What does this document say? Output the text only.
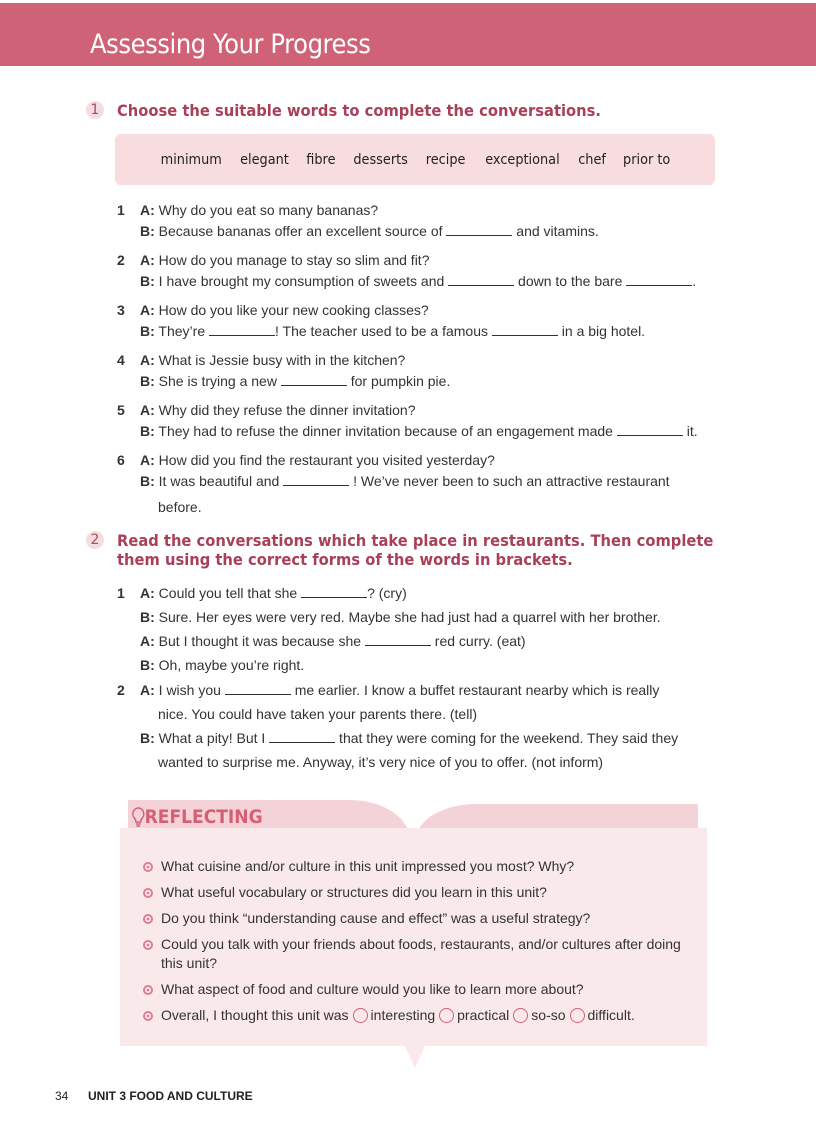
Assessing Your Progress
1 Choose the suitable words to complete the conversations.
minimum elegant fibre desserts recipe exceptional chef prior to
1 A: Why do you eat so many bananas?
B: Because bananas offer an excellent source of	and vitamins.
2 A: How do you manage to stay so slim and fit?
B: I have brought my consumption of sweets and	down to the bare	.
3 A: How do you like your new cooking classes?
B: They’re	! The teacher used to be a famous	in a big hotel.
4 A: What is Jessie busy with in the kitchen?
B: She is trying a new	for pumpkin pie.
5 A: Why did they refuse the dinner invitation?
B: They had to refuse the dinner invitation because of an engagement made	it.
6 A: How did you find the restaurant you visited yesterday?
B: It was beautiful and	! We’ve never been to such an attractive restaurant
before.
2 Read the conversations which take place in restaurants. Then complete them using the correct forms of the words in brackets.
1 A: Could you tell that she	? (cry)
B: Sure. Her eyes were very red. Maybe she had just had a quarrel with her brother.
A: But I thought it was because she	red curry. (eat)
B: Oh, maybe you’re right.
2 A: I wish you	me earlier. I know a buffet restaurant nearby which is really
nice. You could have taken your parents there. (tell)
B: What a pity! But I	that they were coming for the weekend. They said they
wanted to surprise me. Anyway, it’s very nice of you to offer. (not inform)
REFLECTING
What cuisine and/or culture in this unit impressed you most? Why?
What useful vocabulary or structures did you learn in this unit?
Do you think “understanding cause and effect” was a useful strategy?
Could you talk with your friends about foods, restaurants, and/or cultures after doing this unit?
What aspect of food and culture would you like to learn more about?
Overall, I thought this unit was interesting practical so-so difficult.
34 UNIT 3 FOOD AND CULTURE
